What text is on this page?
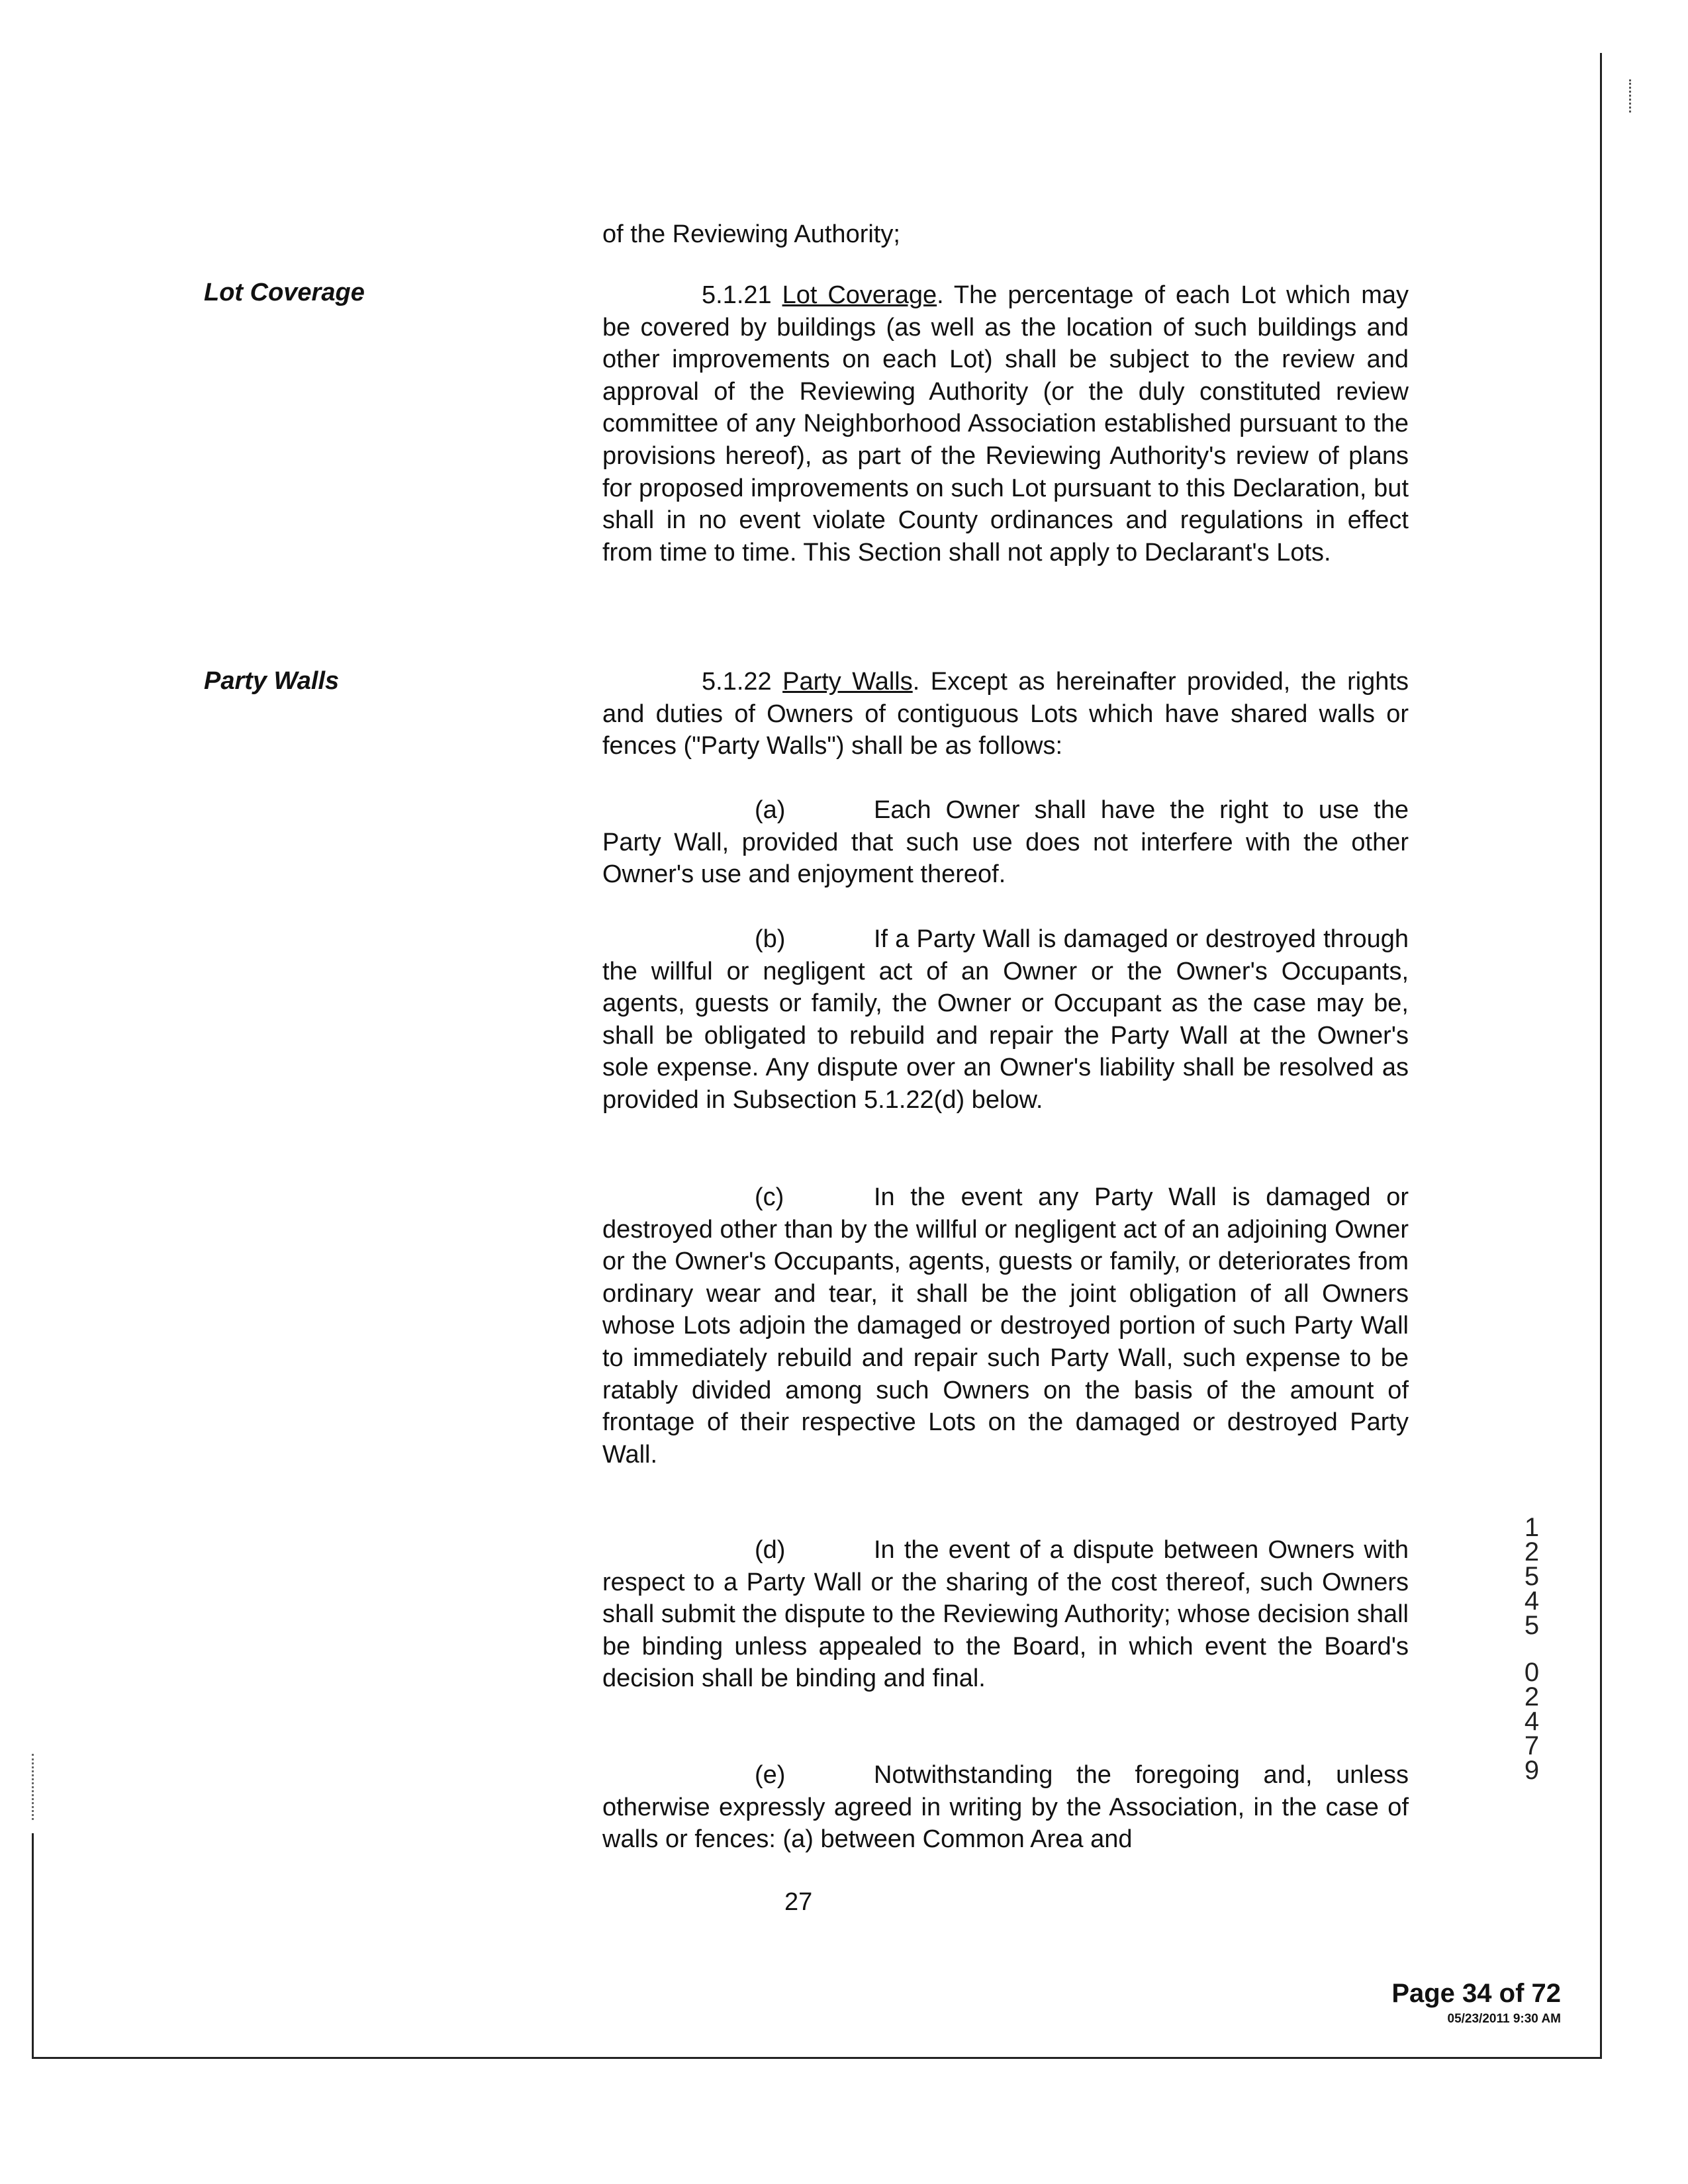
of the Reviewing Authority;

Lot Coverage	5.1.21 Lot Coverage. The percentage of each Lot which may be covered by buildings (as well as the location of such buildings and other improvements on each Lot) shall be subject to the review and approval of the Reviewing Authority (or the duly constituted review committee of any Neighborhood Association established pursuant to the provisions hereof), as part of the Reviewing Authority's review of plans for proposed improvements on such Lot pursuant to this Declaration, but shall in no event violate County ordinances and regulations in effect from time to time. This Section shall not apply to Declarant's Lots.

Party Walls	5.1.22 Party Walls. Except as hereinafter provided, the rights and duties of Owners of contiguous Lots which have shared walls or fences ("Party Walls") shall be as follows:

(a)	Each Owner shall have the right to use the Party Wall, provided that such use does not interfere with the other Owner's use and enjoyment thereof.

(b)	If a Party Wall is damaged or destroyed through the willful or negligent act of an Owner or the Owner's Occupants, agents, guests or family, the Owner or Occupant as the case may be, shall be obligated to rebuild and repair the Party Wall at the Owner's sole expense. Any dispute over an Owner's liability shall be resolved as provided in Subsection 5.1.22(d) below.

(c)	In the event any Party Wall is damaged or destroyed other than by the willful or negligent act of an adjoining Owner or the Owner's Occupants, agents, guests or family, or deteriorates from ordinary wear and tear, it shall be the joint obligation of all Owners whose Lots adjoin the damaged or destroyed portion of such Party Wall to immediately rebuild and repair such Party Wall, such expense to be ratably divided among such Owners on the basis of the amount of frontage of their respective Lots on the damaged or destroyed Party Wall.

(d)	In the event of a dispute between Owners with respect to a Party Wall or the sharing of the cost thereof, such Owners shall submit the dispute to the Reviewing Authority; whose decision shall be binding unless appealed to the Board, in which event the Board's decision shall be binding and final.

(e)	Notwithstanding the foregoing and, unless otherwise expressly agreed in writing by the Association, in the case of walls or fences: (a) between Common Area and

27
Page 34 of 72
05/23/2011 9:30 AM
1
2
5
4
5
0
2
4
7
9
